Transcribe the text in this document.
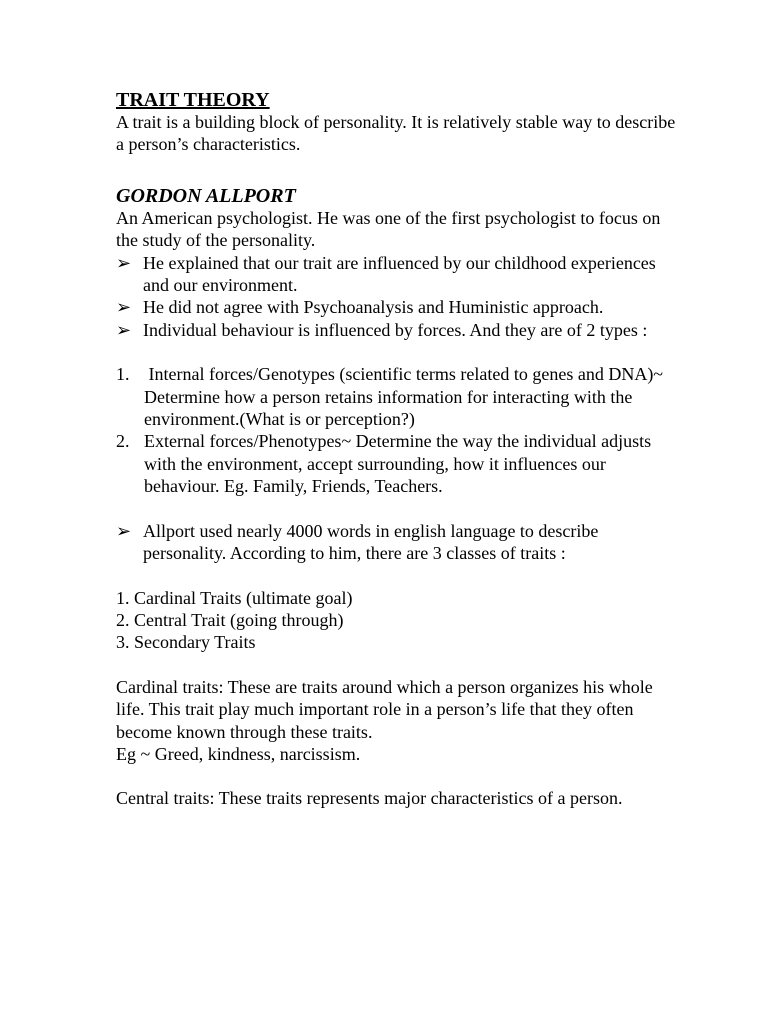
TRAIT THEORY

A trait is a building block of personality. It is relatively stable way to describe a person’s characteristics.

GORDON ALLPORT

An American psychologist. He was one of the first psychologist to focus on the study of the personality.

➢ He explained that our trait are influenced by our childhood experiences and our environment.
➢ He did not agree with Psychoanalysis and Huministic approach.
➢ Individual behaviour is influenced by forces. And they are of 2 types :
1. Internal forces/Genotypes (scientific terms related to genes and DNA)~ Determine how a person retains information for interacting with the environment.(What is or perception?)
2. External forces/Phenotypes~ Determine the way the individual adjusts with the environment, accept surrounding, how it influences our behaviour. Eg. Family, Friends, Teachers.
➢ Allport used nearly 4000 words in english language to describe personality. According to him, there are 3 classes of traits :

1. Cardinal Traits (ultimate goal)

2. Central Trait (going through)

3. Secondary Traits

Cardinal traits: These are traits around which a person organizes his whole life. This trait play much important role in a person’s life that they often become known through these traits.

Eg ~ Greed, kindness, narcissism.

Central traits: These traits represents major characteristics of a person.
